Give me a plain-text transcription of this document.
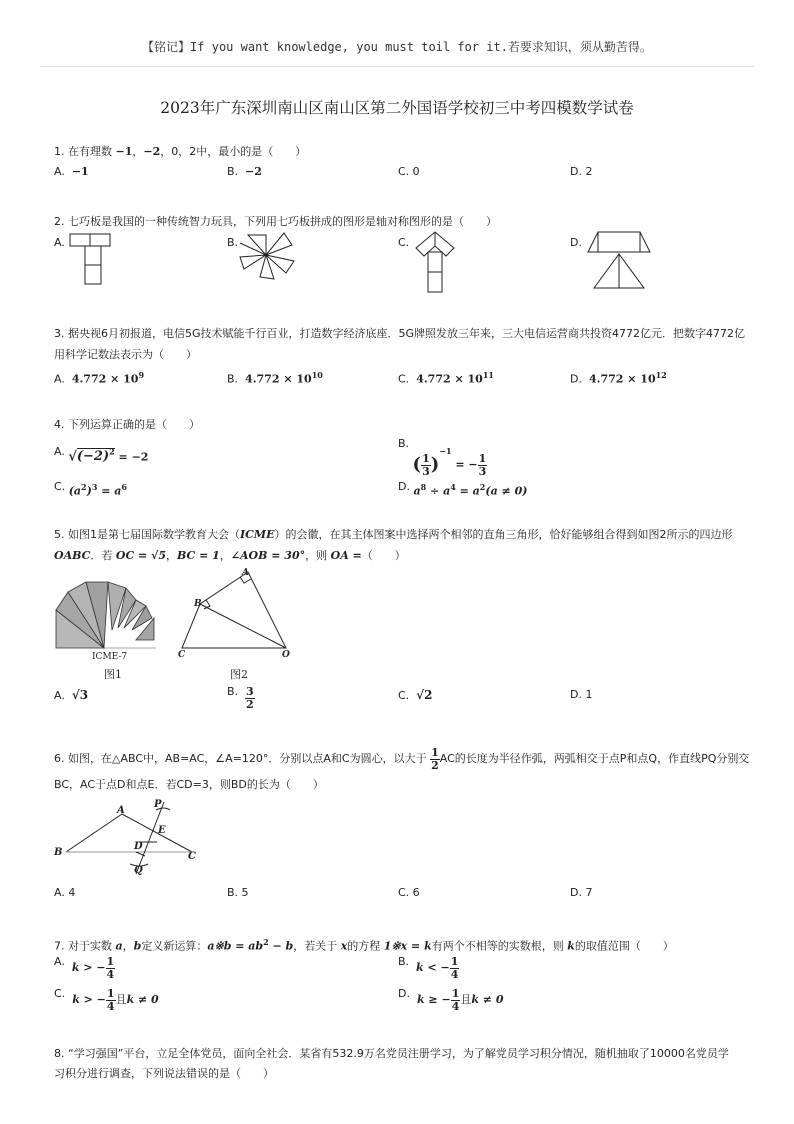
【铭记】If you want knowledge, you must toil for it.若要求知识，须从勤苦得。
2023年广东深圳南山区南山区第二外国语学校初三中考四模数学试卷
1. 在有理数 −1，−2，0，2中，最小的是（　　）
A. −1	B. −2	C. 0	D. 2
2. 七巧板是我国的一种传统智力玩具，下列用七巧板拼成的图形是轴对称图形的是（　　）
A.	B.	C.	D.
3. 据央视6月初报道，电信5G技术赋能千行百业，打造数字经济底座．5G牌照发放三年来，三大电信运营商共投资4772亿元．把数字4772亿
用科学记数法表示为（　　）
A. $4.772 \times 10^9$	B. $4.772 \times 10^{10}$	C. $4.772 \times 10^{11}$	D. $4.772 \times 10^{12}$
4. 下列运算正确的是（　　）
A. $√(-2)^2 = -2$
B. ( $\frac{1}{3} )^{-1}$ = − $\frac{1}{3}$
C. $(a^2)^3 = a^6$	D. $a^8 \div a^4 = a^2(a \ne 0)$
5. 如图1是第七届国际数学教育大会（ICME）的会徽，在其主体图案中选择两个相邻的直角三角形，恰好能够组合得到如图2所示的四边形
OABC．若 OC = √5，BC = 1，∠AOB = 30°，则 OA =（　　）
ICME-7
图1
A
B
C	O
图2
A. √3	B. $\frac{3}{2}$	C. √2	D. 1
6. 如图，在△ABC中，AB=AC，∠A=120°．分别以点A和C为圆心，以大于 $\frac{1}{2}$ AC的长度为半径作弧，两弧相交于点P和点Q，作直线PQ分别交
BC，AC于点D和点E．若CD=3，则BD的长为（　　）
A
B	C
D
E
P
Q
A. 4	B. 5	C. 6	D. 7
7. 对于实数 a，b定义新运算：a※b = $ab^2 - b$，若关于 x的方程 1※x = k有两个不相等的实数根，则 k的取值范围（　　）
A. k > − $\frac{1}{4}$	B. k < − $\frac{1}{4}$
C. k > − $\frac{1}{4}$ 且k ≠ 0	D. k ≥ − $\frac{1}{4}$ 且k ≠ 0
8. “学习强国”平台，立足全体党员，面向全社会．某省有532.9万名党员注册学习，为了解党员学习积分情况，随机抽取了10000名党员学
习积分进行调查，下列说法错误的是（　　）
